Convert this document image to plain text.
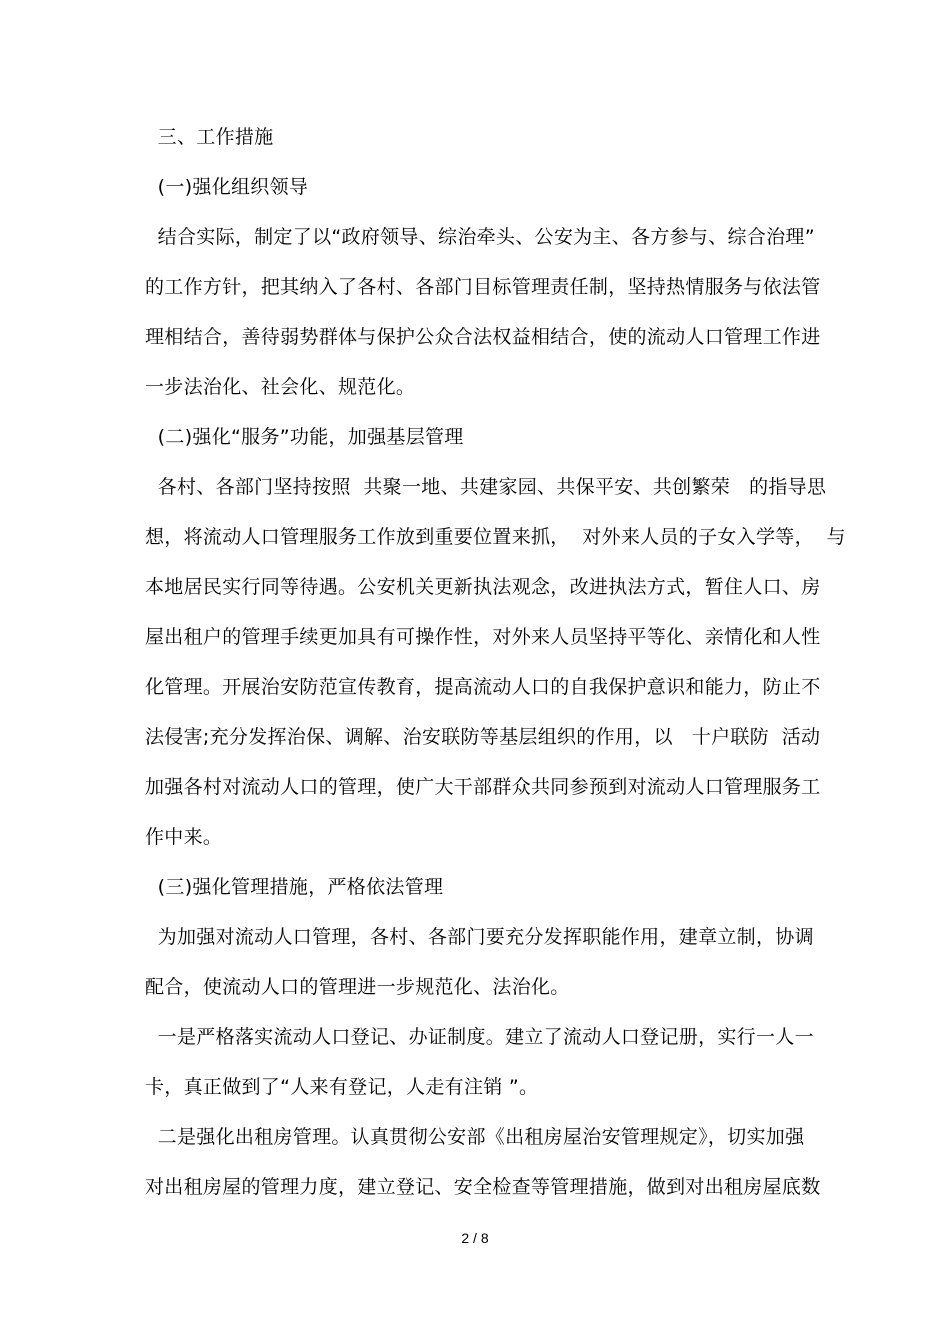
三、工作措施
(一)强化组织领导
结合实际，制定了以“政府领导、综治牵头、公安为主、各方参与、综合治理”
的工作方针，把其纳入了各村、各部门目标管理责任制，坚持热情服务与依法管
理相结合，善待弱势群体与保护公众合法权益相结合，使的流动人口管理工作进
一步法治化、社会化、规范化。
(二)强化“服务”功能，加强基层管理
各村、各部门坚持按照  共聚一地、共建家园、共保平安、共创繁荣   的指导思
想，将流动人口管理服务工作放到重要位置来抓，  对外来人员的子女入学等，  与
本地居民实行同等待遇。公安机关更新执法观念，改进执法方式，暂住人口、房
屋出租户的管理手续更加具有可操作性，对外来人员坚持平等化、亲情化和人性
化管理。开展治安防范宣传教育，提高流动人口的自我保护意识和能力，防止不
法侵害;充分发挥治保、调解、治安联防等基层组织的作用，以   十户联防  活动
加强各村对流动人口的管理，使广大干部群众共同参预到对流动人口管理服务工
作中来。
(三)强化管理措施，严格依法管理
为加强对流动人口管理，各村、各部门要充分发挥职能作用，建章立制，协调
配合，使流动人口的管理进一步规范化、法治化。
一是严格落实流动人口登记、办证制度。建立了流动人口登记册，实行一人一
卡，真正做到了“人来有登记，人走有注销 ”。
二是强化出租房管理。认真贯彻公安部《出租房屋治安管理规定》，切实加强
对出租房屋的管理力度，建立登记、安全检查等管理措施，做到对出租房屋底数
2 / 8
